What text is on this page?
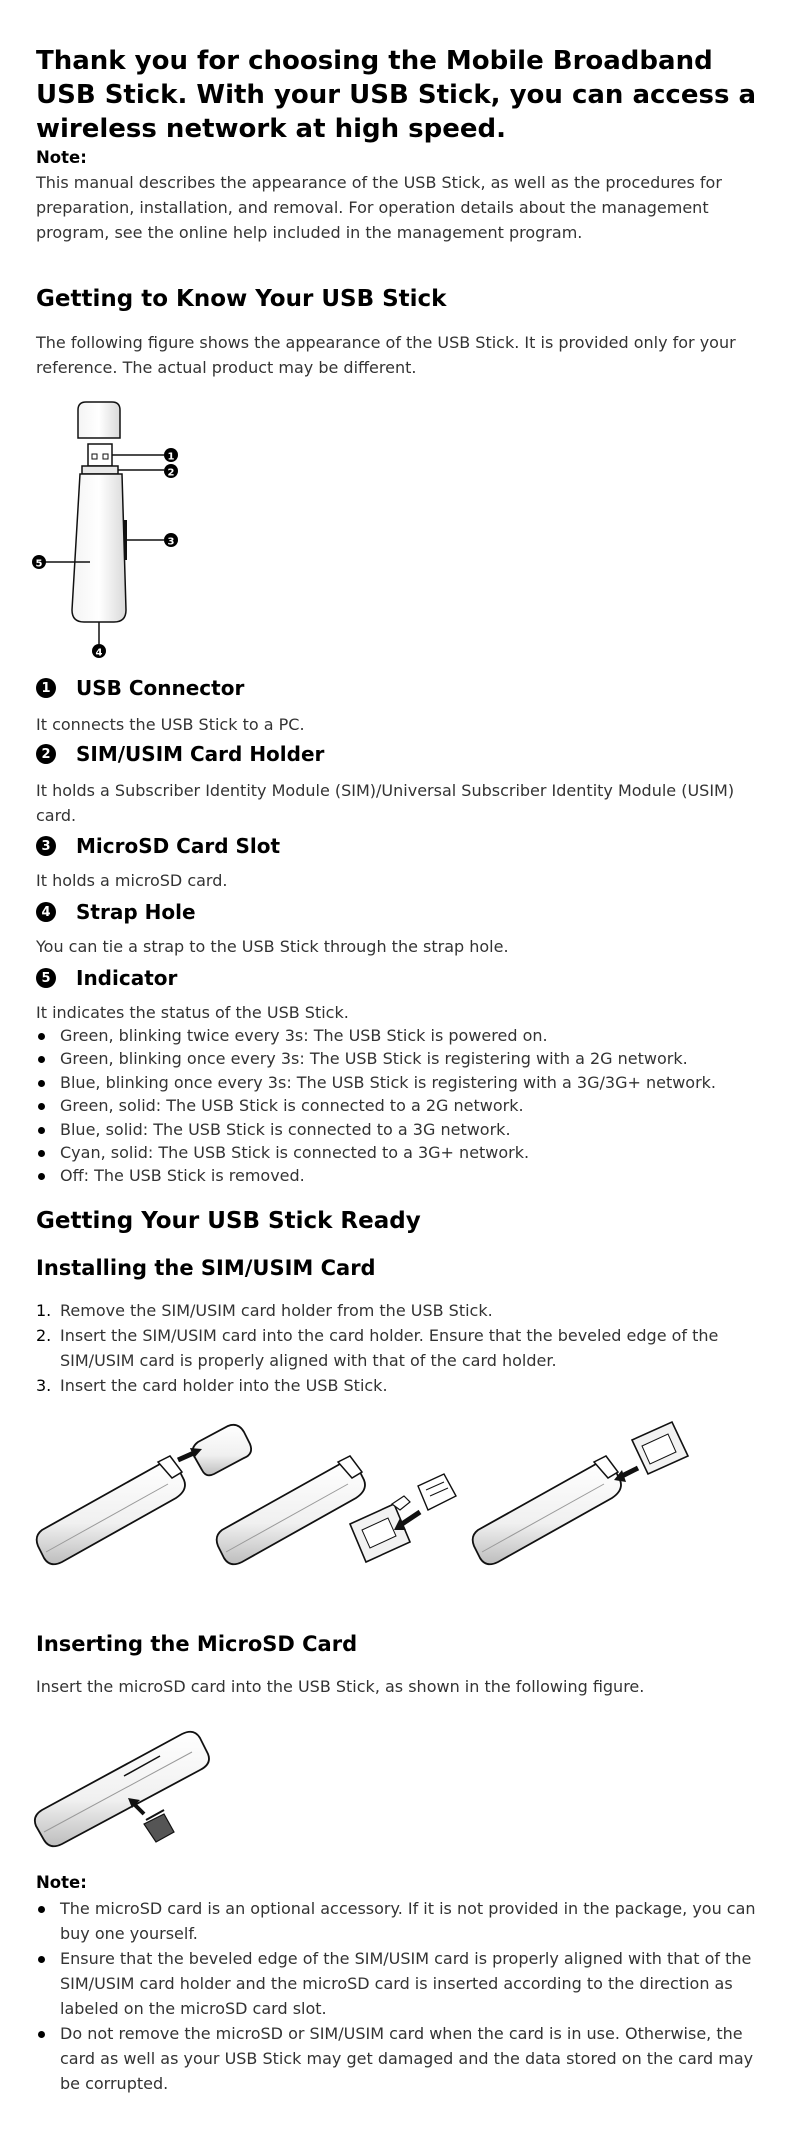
Thank you for choosing the Mobile Broadband USB Stick. With your USB Stick, you can access a wireless network at high speed.
Note:

This manual describes the appearance of the USB Stick, as well as the procedures for preparation, installation, and removal. For operation details about the management program, see the online help included in the management program.

Getting to Know Your USB Stick

The following figure shows the appearance of the USB Stick. It is provided only for your reference. The actual product may be different.

1
2
3
5
4
1 USB Connector

It connects the USB Stick to a PC.

2 SIM/USIM Card Holder

It holds a Subscriber Identity Module (SIM)/Universal Subscriber Identity Module (USIM) card.

3 MicroSD Card Slot

It holds a microSD card.

4 Strap Hole

You can tie a strap to the USB Stick through the strap hole.

5 Indicator

It indicates the status of the USB Stick.

Green, blinking twice every 3s: The USB Stick is powered on.
Green, blinking once every 3s: The USB Stick is registering with a 2G network.
Blue, blinking once every 3s: The USB Stick is registering with a 3G/3G+ network.
Green, solid: The USB Stick is connected to a 2G network.
Blue, solid: The USB Stick is connected to a 3G network.
Cyan, solid: The USB Stick is connected to a 3G+ network.
Off: The USB Stick is removed.
Getting Your USB Stick Ready
Installing the SIM/USIM Card
1. Remove the SIM/USIM card holder from the USB Stick.
2. Insert the SIM/USIM card into the card holder. Ensure that the beveled edge of the SIM/USIM card is properly aligned with that of the card holder.
3. Insert the card holder into the USB Stick.
Inserting the MicroSD Card

Insert the microSD card into the USB Stick, as shown in the following figure.

Note:
The microSD card is an optional accessory. If it is not provided in the package, you can buy one yourself.
Ensure that the beveled edge of the SIM/USIM card is properly aligned with that of the SIM/USIM card holder and the microSD card is inserted according to the direction as labeled on the microSD card slot.
Do not remove the microSD or SIM/USIM card when the card is in use. Otherwise, the card as well as your USB Stick may get damaged and the data stored on the card may be corrupted.
